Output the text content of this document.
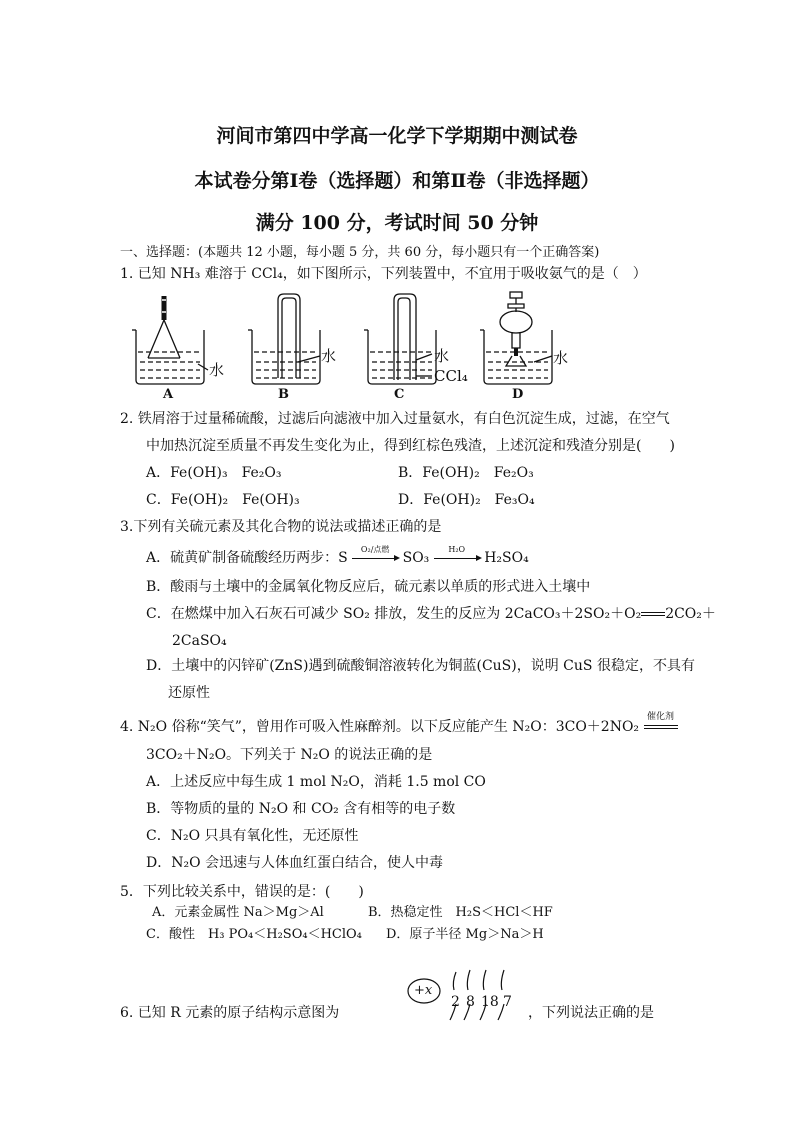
河间市第四中学高一化学下学期期中测试卷
本试卷分第Ⅰ卷（选择题）和第Ⅱ卷（非选择题）
满分 100 分，考试时间 50 分钟
一、选择题：(本题共 12 小题，每小题 5 分，共 60 分，每小题只有一个正确答案)
1. 已知 NH₃ 难溶于 CCl₄，如下图所示，下列装置中，不宜用于吸收氨气的是（　）
A	B	C	D
水
水	水
CCl₄
水
2. 铁屑溶于过量稀硫酸，过滤后向滤液中加入过量氨水，有白色沉淀生成，过滤，在空气
中加热沉淀至质量不再发生变化为止，得到红棕色残渣，上述沉淀和残渣分别是(　　)
A．Fe(OH)₃　Fe₂O₃	B．Fe(OH)₂　Fe₂O₃
C．Fe(OH)₂　Fe(OH)₃	D．Fe(OH)₂　Fe₃O₄
3.下列有关硫元素及其化合物的说法或描述正确的是
A．硫黄矿制备硫酸经历两步：S
O₂/点燃
SO₃
H₂O
H₂SO₄
B．酸雨与土壤中的金属氧化物反应后，硫元素以单质的形式进入土壤中
C．在燃煤中加入石灰石可减少 SO₂ 排放，发生的反应为 2CaCO₃＋2SO₂＋O₂ 2CO₂＋
2CaSO₄
D．土壤中的闪锌矿(ZnS)遇到硫酸铜溶液转化为铜蓝(CuS)，说明 CuS 很稳定，不具有
还原性
4. N₂O 俗称“笑气”，曾用作可吸入性麻醉剂。以下反应能产生 N₂O：3CO＋2NO₂
催化剂
3CO₂＋N₂O。下列关于 N₂O 的说法正确的是
A．上述反应中每生成 1 mol N₂O，消耗 1.5 mol CO
B．等物质的量的 N₂O 和 CO₂ 含有相等的电子数
C．N₂O 只具有氧化性，无还原性
D．N₂O 会迅速与人体血红蛋白结合，使人中毒
5．下列比较关系中，错误的是：(　　)
A．元素金属性 Na＞Mg＞Al	B．热稳定性　H₂S＜HCl＜HF
C．酸性　H₃ PO₄＜H₂SO₄＜HClO₄ D．原子半径 Mg＞Na＞H
6. 已知 R 元素的原子结构示意图为
+x
2 8 18 7
，下列说法正确的是
